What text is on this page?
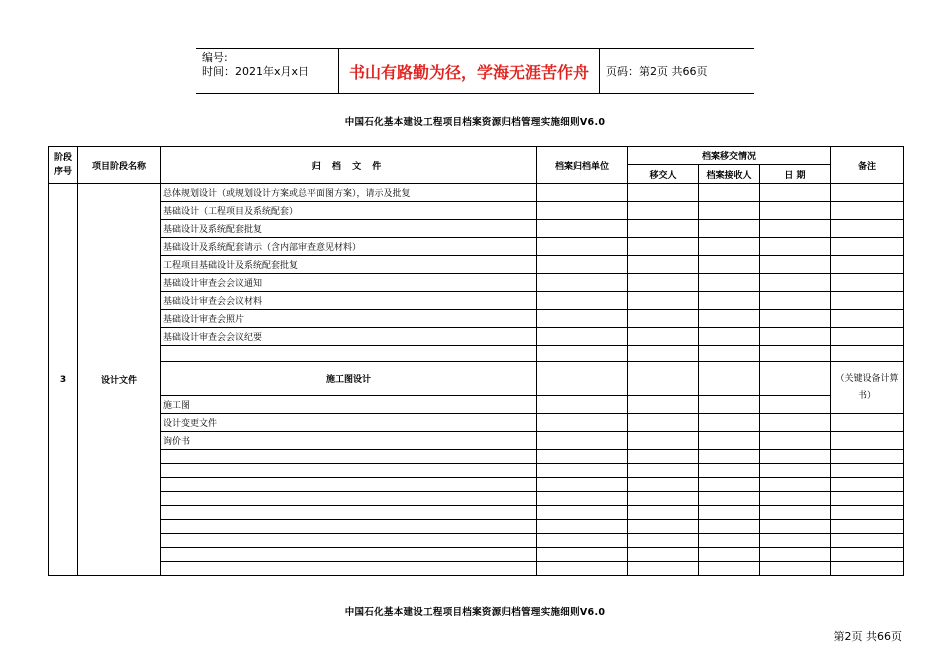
编号:
时间：2021年x月x日	书山有路勤为径，学海无涯苦作舟	页码：第2页 共66页
中国石化基本建设工程项目档案资源归档管理实施细则V6.0
阶段序号	项目阶段名称	归 档 文 件	档案归档单位	档案移交情况			备注
				移交人	档案接收人	日 期	
3	设计文件	总体规划设计（或规划设计方案或总平面图方案），请示及批复					
		基础设计（工程项目及系统配套）					
		基础设计及系统配套批复					
		基础设计及系统配套请示（含内部审查意见材料）					
		工程项目基础设计及系统配套批复					
		基础设计审查会会议通知					
		基础设计审查会会议材料					
		基础设计审查会照片					
		基础设计审查会会议纪要					

		施工图设计					（关键设备计算书）
		施工图					
		设计变更文件					
		询价书					

中国石化基本建设工程项目档案资源归档管理实施细则V6.0
第2页 共66页
